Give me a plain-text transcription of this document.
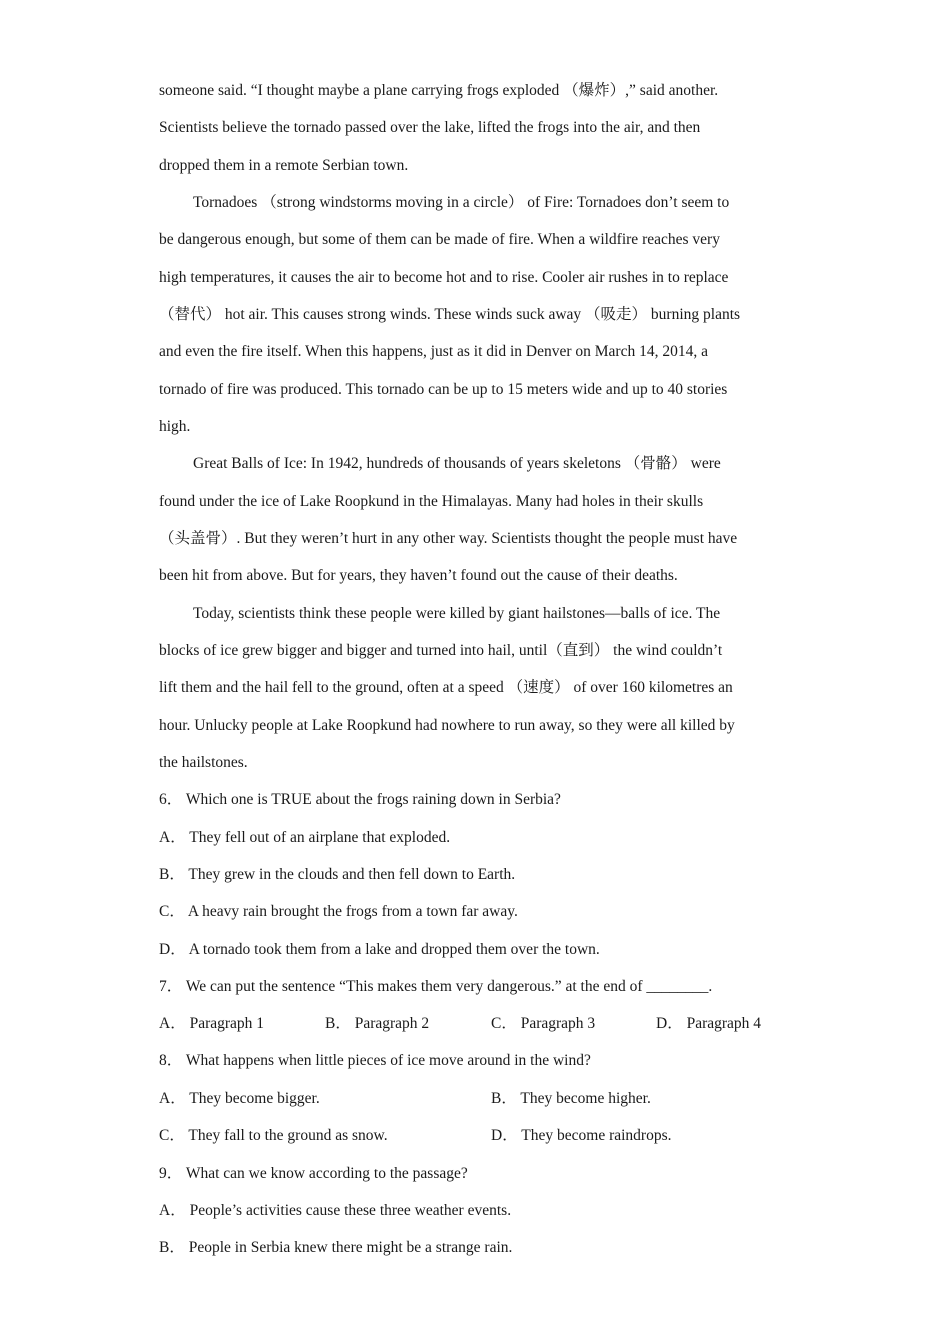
someone said. “I thought maybe a plane carrying frogs exploded （爆炸）,” said another.
Scientists believe the tornado passed over the lake, lifted the frogs into the air, and then
dropped them in a remote Serbian town.
Tornadoes （strong windstorms moving in a circle） of Fire: Tornadoes don’t seem to
be dangerous enough, but some of them can be made of fire. When a wildfire reaches very
high temperatures, it causes the air to become hot and to rise. Cooler air rushes in to replace
（替代） hot air. This causes strong winds. These winds suck away （吸走） burning plants
and even the fire itself. When this happens, just as it did in Denver on March 14, 2014, a
tornado of fire was produced. This tornado can be up to 15 meters wide and up to 40 stories
high.
Great Balls of Ice: In 1942, hundreds of thousands of years skeletons （骨骼） were
found under the ice of Lake Roopkund in the Himalayas. Many had holes in their skulls
（头盖骨）. But they weren’t hurt in any other way. Scientists thought the people must have
been hit from above. But for years, they haven’t found out the cause of their deaths.
Today, scientists think these people were killed by giant hailstones—balls of ice. The
blocks of ice grew bigger and bigger and turned into hail, until（直到） the wind couldn’t
lift them and the hail fell to the ground, often at a speed （速度） of over 160 kilometres an
hour. Unlucky people at Lake Roopkund had nowhere to run away, so they were all killed by
the hailstones.
6． Which one is TRUE about the frogs raining down in Serbia?
A． They fell out of an airplane that exploded.
B． They grew in the clouds and then fell down to Earth.
C． A heavy rain brought the frogs from a town far away.
D． A tornado took them from a lake and dropped them over the town.
7． We can put the sentence “This makes them very dangerous.” at the end of ________.
A． Paragraph 1	B． Paragraph 2	C． Paragraph 3	D． Paragraph 4
8． What happens when little pieces of ice move around in the wind?
A． They become bigger.	B． They become higher.
C． They fall to the ground as snow.	D． They become raindrops.
9． What can we know according to the passage?
A． People’s activities cause these three weather events.
B． People in Serbia knew there might be a strange rain.
